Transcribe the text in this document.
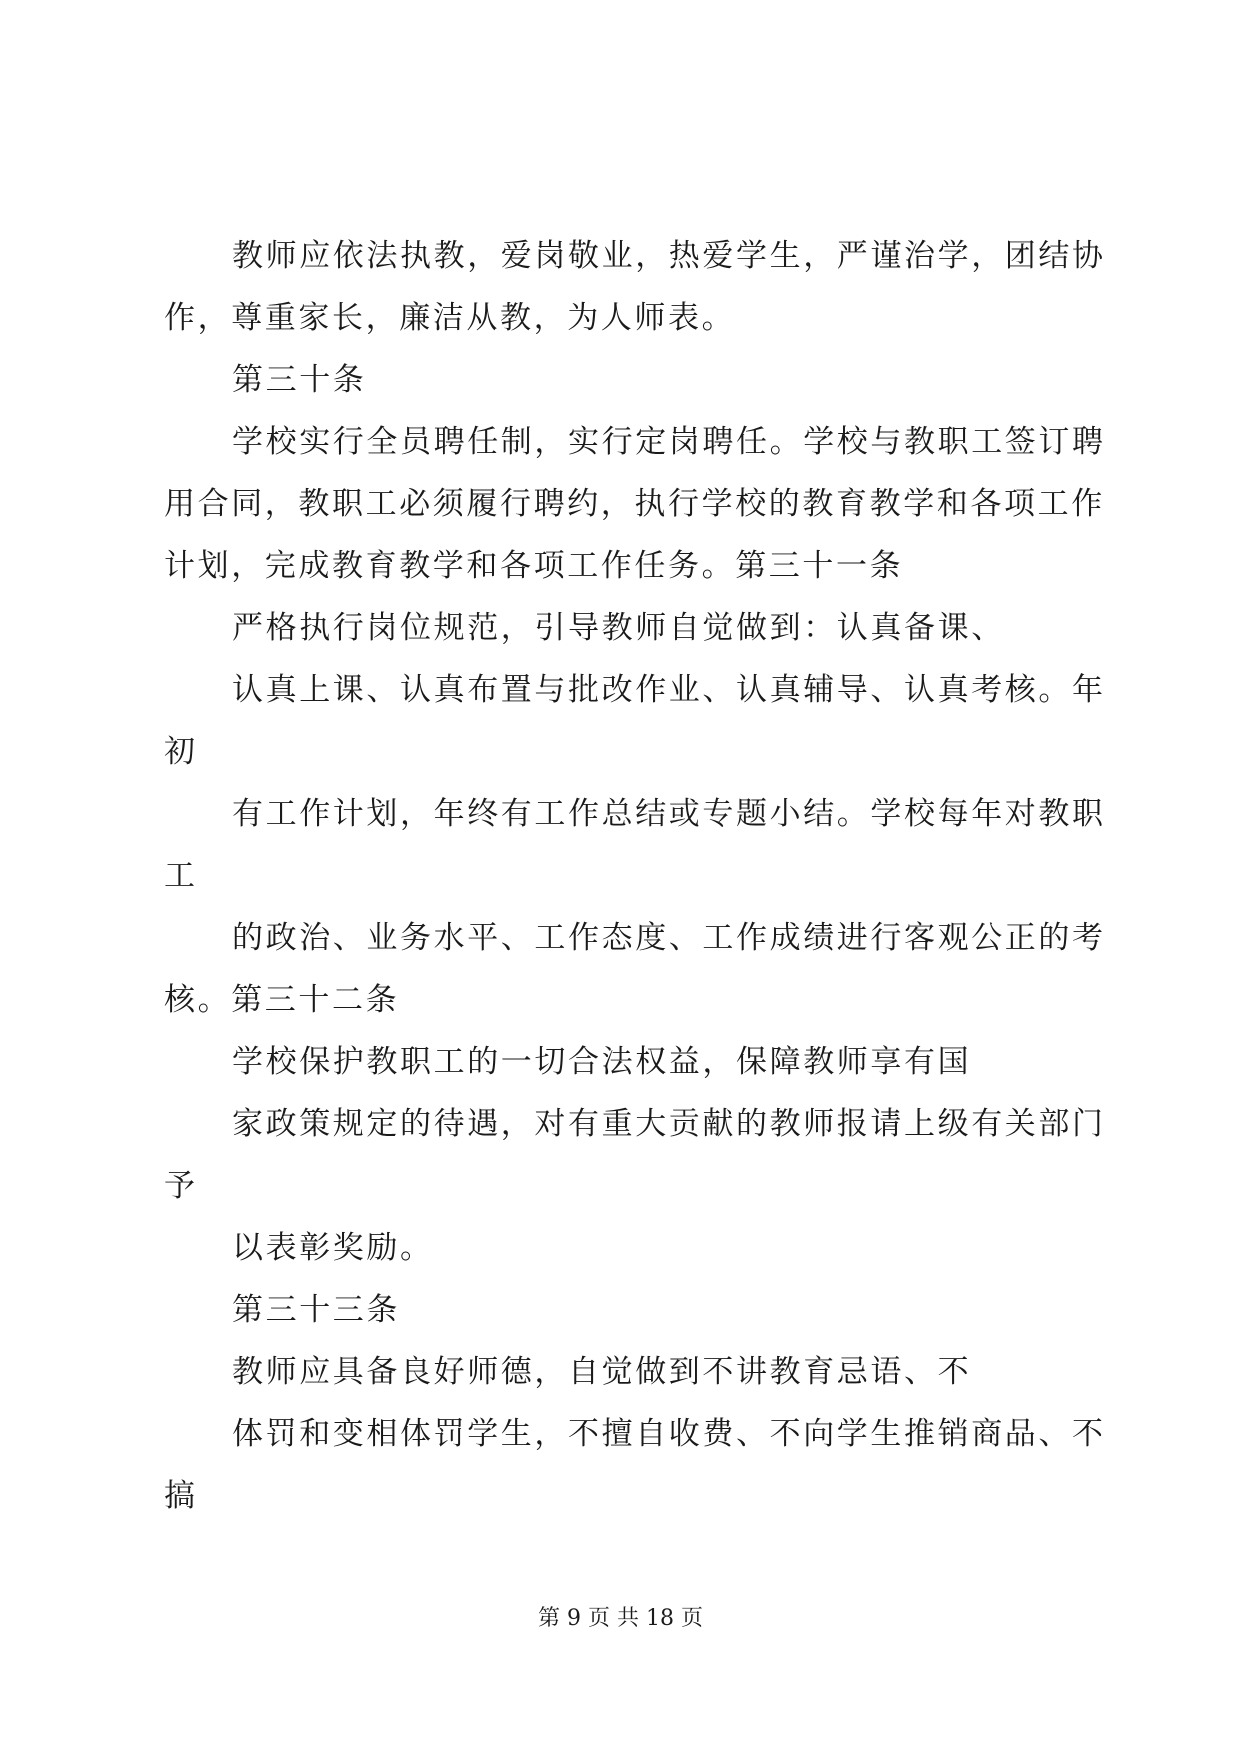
教师应依法执教，爱岗敬业，热爱学生，严谨治学，团结协
作，尊重家长，廉洁从教，为人师表。
第三十条
学校实行全员聘任制，实行定岗聘任。学校与教职工签订聘
用合同，教职工必须履行聘约，执行学校的教育教学和各项工作
计划，完成教育教学和各项工作任务。第三十一条
严格执行岗位规范，引导教师自觉做到：认真备课、
认真上课、认真布置与批改作业、认真辅导、认真考核。年
初
有工作计划，年终有工作总结或专题小结。学校每年对教职
工
的政治、业务水平、工作态度、工作成绩进行客观公正的考
核。第三十二条
学校保护教职工的一切合法权益，保障教师享有国
家政策规定的待遇，对有重大贡献的教师报请上级有关部门
予
以表彰奖励。
第三十三条
教师应具备良好师德，自觉做到不讲教育忌语、不
体罚和变相体罚学生，不擅自收费、不向学生推销商品、不
搞
第 9 页 共 18 页
